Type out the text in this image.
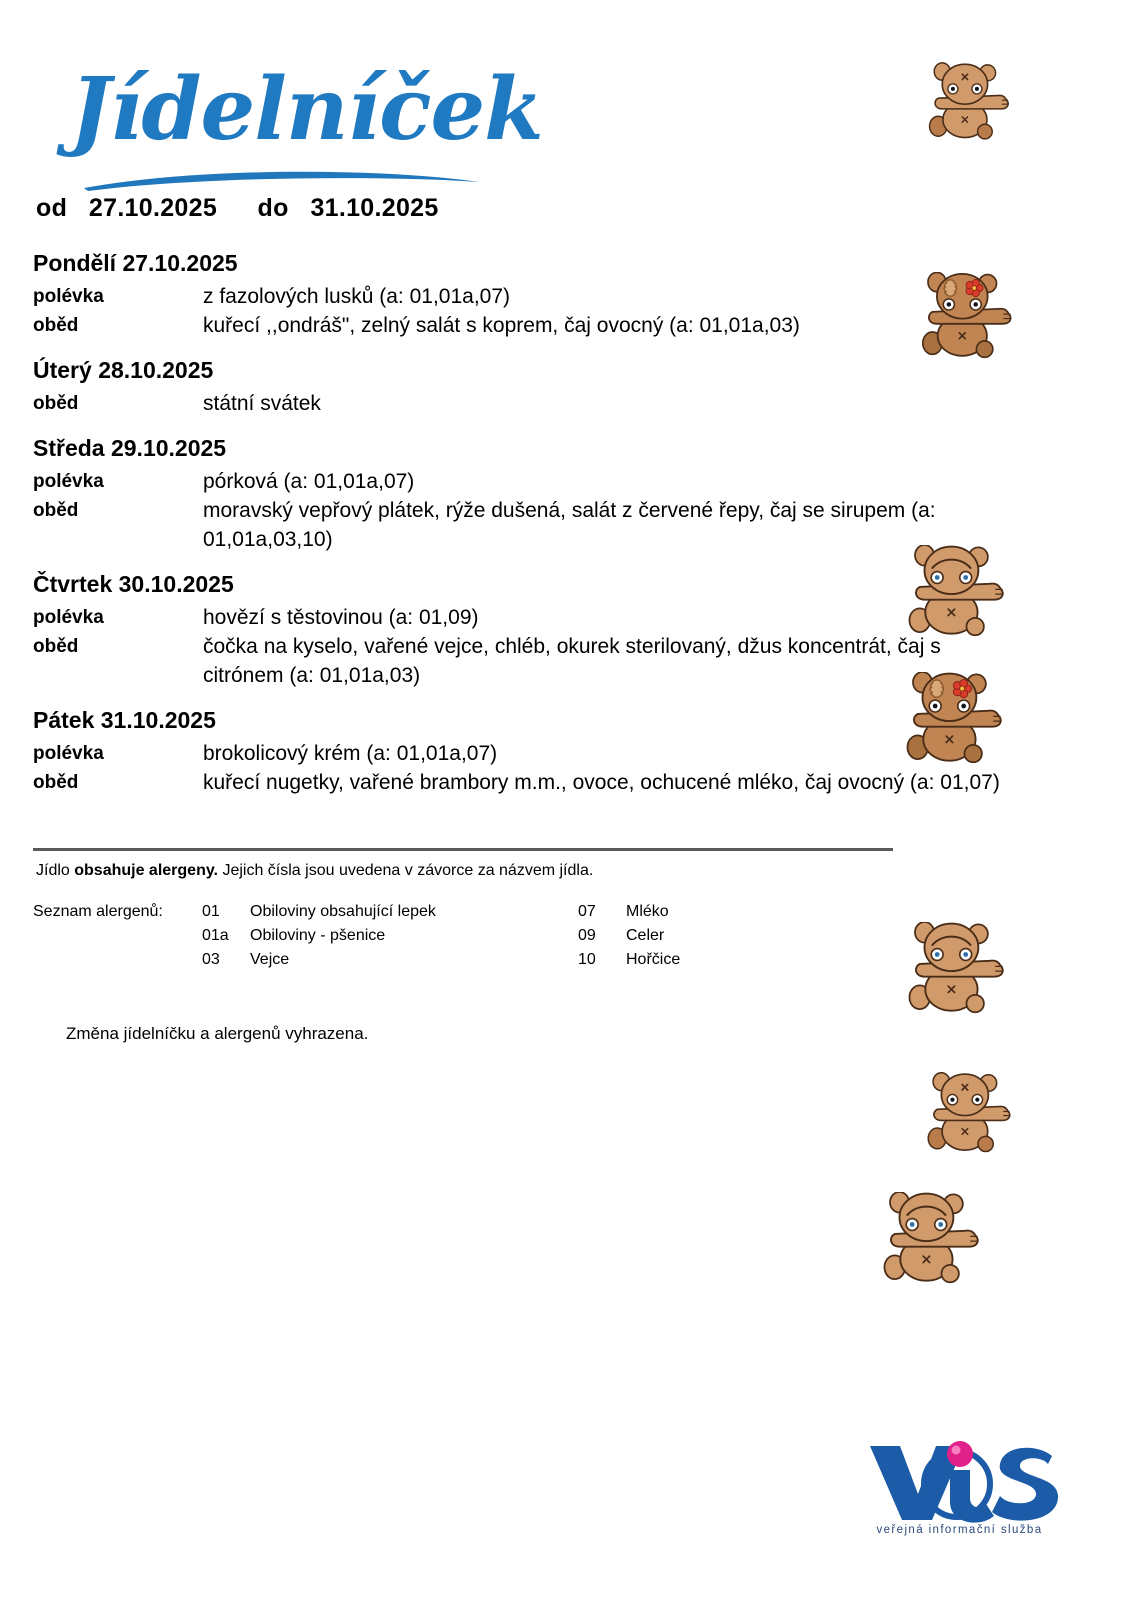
Jídelníček
od 27.10.2025 do 31.10.2025
Pondělí 27.10.2025
polévka	z fazolových lusků (a: 01,01a,07)
oběd	kuřecí ,,ondráš", zelný salát s koprem, čaj ovocný (a: 01,01a,03)
Úterý 28.10.2025
oběd	státní svátek
Středa 29.10.2025
polévka	pórková (a: 01,01a,07)
oběd	moravský vepřový plátek, rýže dušená, salát z červené řepy, čaj se sirupem (a: 01,01a,03,10)
Čtvrtek 30.10.2025
polévka	hovězí s těstovinou (a: 01,09)
oběd	čočka na kyselo, vařené vejce, chléb, okurek sterilovaný, džus koncentrát, čaj s citrónem (a: 01,01a,03)
Pátek 31.10.2025
polévka	brokolicový krém (a: 01,01a,07)
oběd	kuřecí nugetky, vařené brambory m.m., ovoce, ochucené mléko, čaj ovocný (a: 01,07)
Jídlo obsahuje alergeny. Jejich čísla jsou uvedena v závorce za názvem jídla.
Seznam alergenů: 01	Obiloviny obsahující lepek
01a	Obiloviny - pšenice
03	Vejce
07	Mléko
09	Celer
10	Hořčice
Změna jídelníčku a alergenů vyhrazena.
veřejná informační služba
